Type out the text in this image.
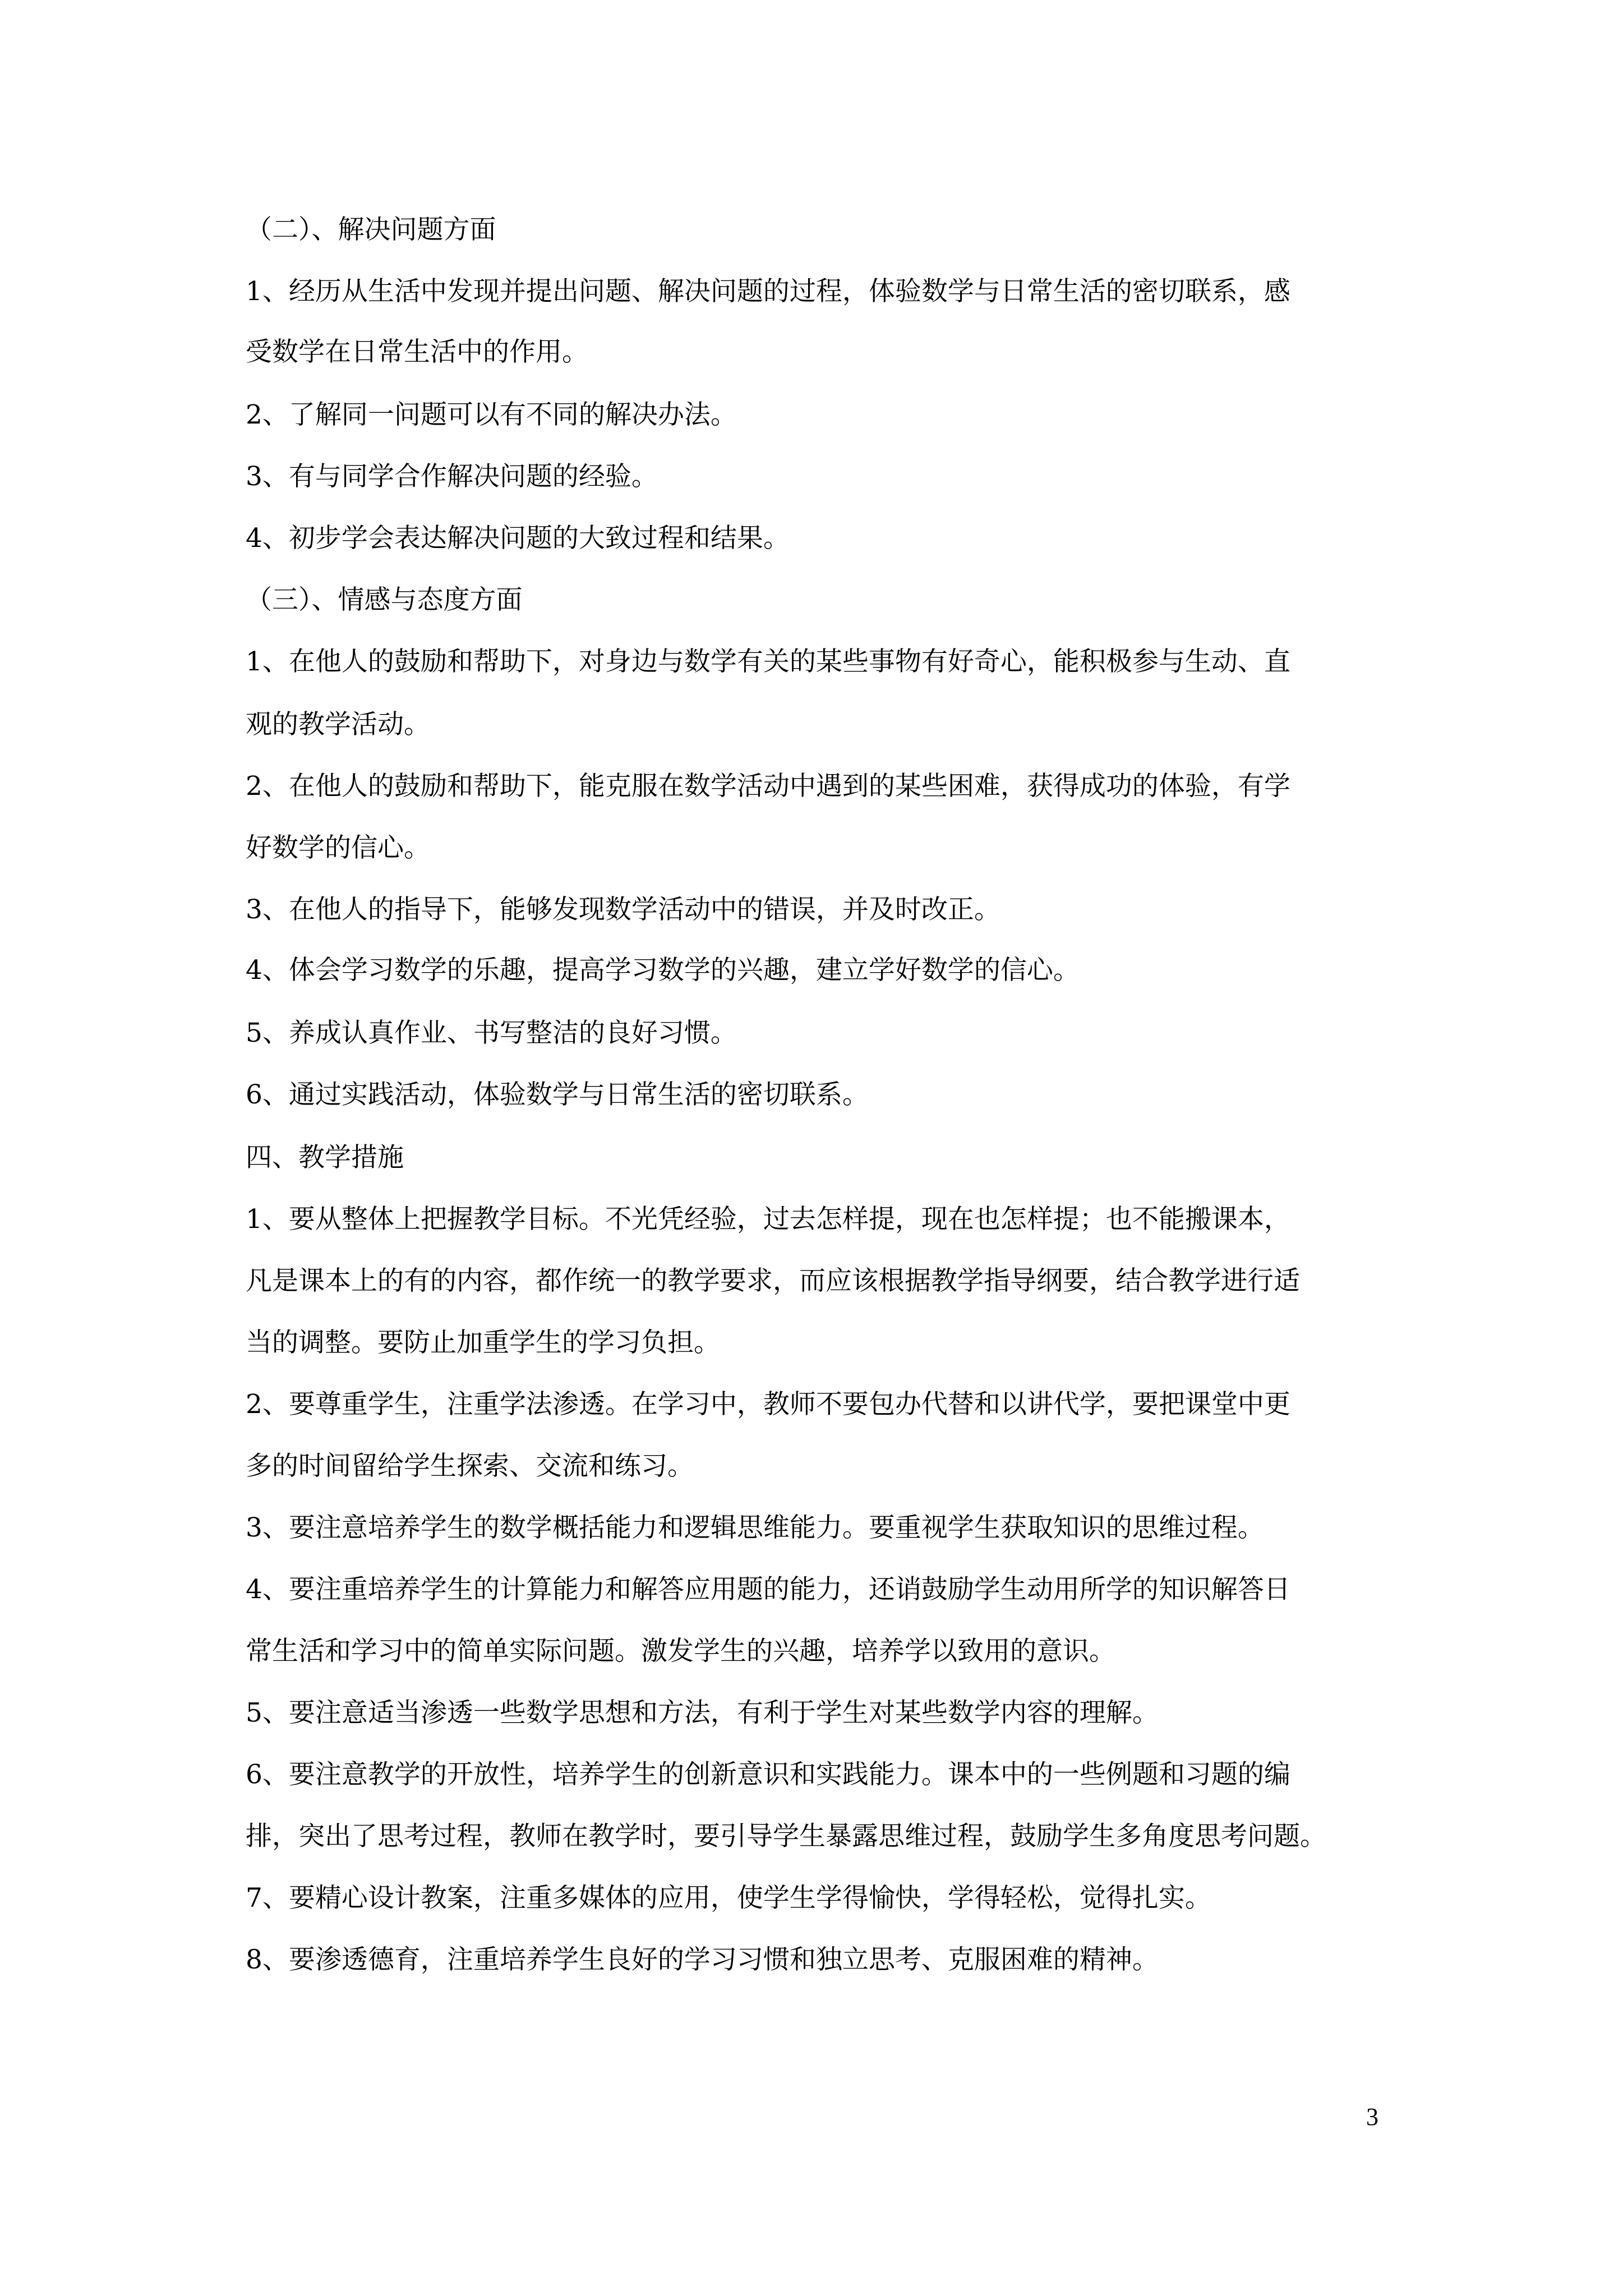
（二）、解决问题方面
1、经历从生活中发现并提出问题、解决问题的过程，体验数学与日常生活的密切联系，感
受数学在日常生活中的作用。
2、了解同一问题可以有不同的解决办法。
3、有与同学合作解决问题的经验。
4、初步学会表达解决问题的大致过程和结果。
（三）、情感与态度方面
1、在他人的鼓励和帮助下，对身边与数学有关的某些事物有好奇心，能积极参与生动、直
观的教学活动。
2、在他人的鼓励和帮助下，能克服在数学活动中遇到的某些困难，获得成功的体验，有学
好数学的信心。
3、在他人的指导下，能够发现数学活动中的错误，并及时改正。
4、体会学习数学的乐趣，提高学习数学的兴趣，建立学好数学的信心。
5、养成认真作业、书写整洁的良好习惯。
6、通过实践活动，体验数学与日常生活的密切联系。
四、教学措施
1、要从整体上把握教学目标。不光凭经验，过去怎样提，现在也怎样提；也不能搬课本，
凡是课本上的有的内容，都作统一的教学要求，而应该根据教学指导纲要，结合教学进行适
当的调整。要防止加重学生的学习负担。
2、要尊重学生，注重学法渗透。在学习中，教师不要包办代替和以讲代学，要把课堂中更
多的时间留给学生探索、交流和练习。
3、要注意培养学生的数学概括能力和逻辑思维能力。要重视学生获取知识的思维过程。
4、要注重培养学生的计算能力和解答应用题的能力，还诮鼓励学生动用所学的知识解答日
常生活和学习中的简单实际问题。激发学生的兴趣，培养学以致用的意识。
5、要注意适当渗透一些数学思想和方法，有利于学生对某些数学内容的理解。
6、要注意教学的开放性，培养学生的创新意识和实践能力。课本中的一些例题和习题的编
排，突出了思考过程，教师在教学时，要引导学生暴露思维过程，鼓励学生多角度思考问题。
7、要精心设计教案，注重多媒体的应用，使学生学得愉快，学得轻松，觉得扎实。
8、要渗透德育，注重培养学生良好的学习习惯和独立思考、克服困难的精神。
3
